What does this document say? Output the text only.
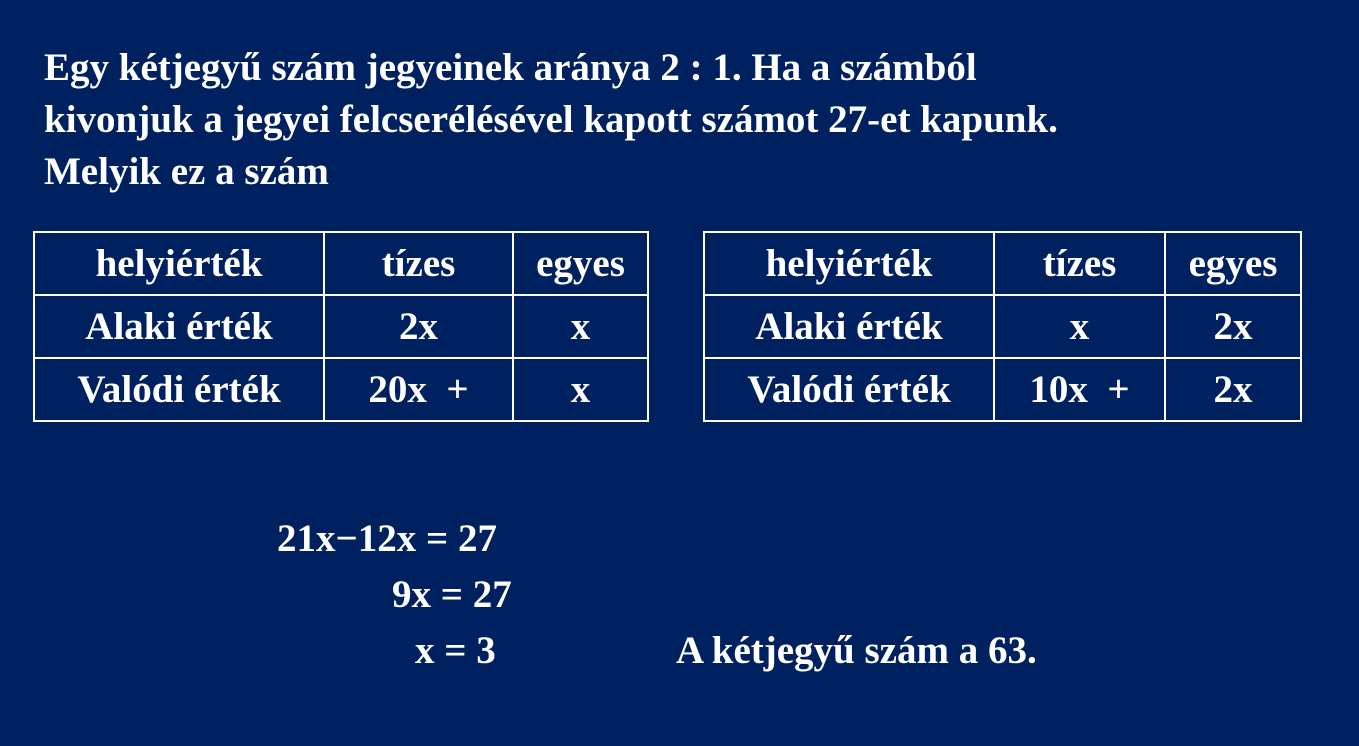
Egy kétjegyű szám jegyeinek aránya 2 : 1. Ha a számból
kivonjuk a jegyei felcserélésével kapott számot 27-et kapunk.
Melyik ez a szám

helyiérték	tízes	egyes
Alaki érték	2x	x
Valódi érték	20x  +	x
helyiérték	tízes	egyes
Alaki érték	x	2x
Valódi érték	10x  +	2x
21x−12x = 27
9x = 27
x = 3	A kétjegyű szám a 63.
